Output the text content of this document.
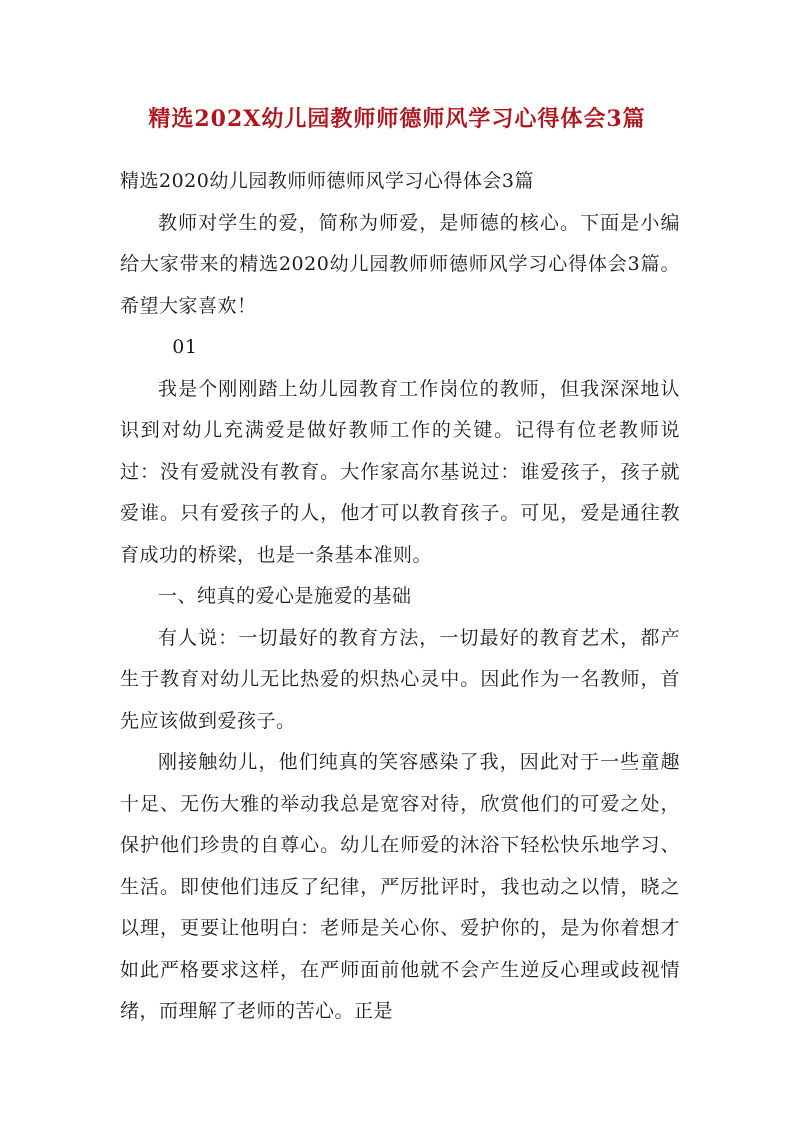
精选202X幼儿园教师师德师风学习心得体会3篇

精选2020幼儿园教师师德师风学习心得体会3篇

教师对学生的爱，简称为师爱，是师德的核心。下面是小编给大家带来的精选2020幼儿园教师师德师风学习心得体会3篇。希望大家喜欢！

01

我是个刚刚踏上幼儿园教育工作岗位的教师，但我深深地认识到对幼儿充满爱是做好教师工作的关键。记得有位老教师说过：没有爱就没有教育。大作家高尔基说过：谁爱孩子，孩子就爱谁。只有爱孩子的人，他才可以教育孩子。可见，爱是通往教育成功的桥梁，也是一条基本准则。

一、纯真的爱心是施爱的基础

有人说：一切最好的教育方法，一切最好的教育艺术，都产生于教育对幼儿无比热爱的炽热心灵中。因此作为一名教师，首先应该做到爱孩子。

刚接触幼儿，他们纯真的笑容感染了我，因此对于一些童趣十足、无伤大雅的举动我总是宽容对待，欣赏他们的可爱之处，保护他们珍贵的自尊心。幼儿在师爱的沐浴下轻松快乐地学习、生活。即使他们违反了纪律，严厉批评时，我也动之以情，晓之以理，更要让他明白：老师是关心你、爱护你的，是为你着想才如此严格要求这样，在严师面前他就不会产生逆反心理或歧视情绪，而理解了老师的苦心。正是
